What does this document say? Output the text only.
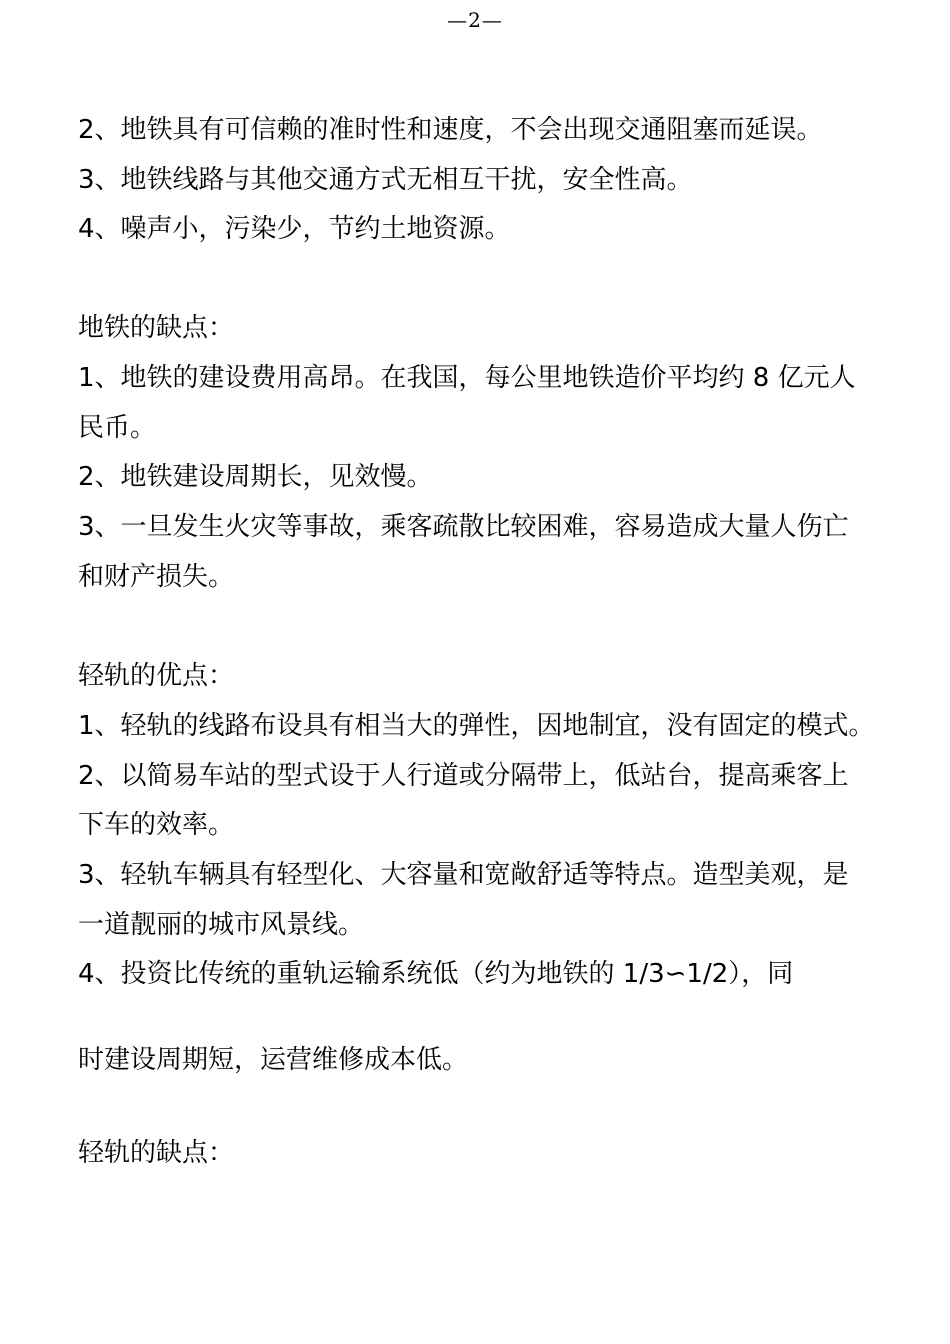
—2—
2、地铁具有可信赖的准时性和速度，不会出现交通阻塞而延误。
3、地铁线路与其他交通方式无相互干扰，安全性高。
4、噪声小，污染少，节约土地资源。
地铁的缺点：
1、地铁的建设费用高昂。在我国，每公里地铁造价平均约 8 亿元人
民币。
2、地铁建设周期长，见效慢。
3、一旦发生火灾等事故，乘客疏散比较困难，容易造成大量人伤亡
和财产损失。
轻轨的优点：
1、轻轨的线路布设具有相当大的弹性，因地制宜，没有固定的模式。
2、以简易车站的型式设于人行道或分隔带上，低站台，提高乘客上
下车的效率。
3、轻轨车辆具有轻型化、大容量和宽敞舒适等特点。造型美观，是
一道靓丽的城市风景线。
4、投资比传统的重轨运输系统低（约为地铁的 1/3∽1/2），同
时建设周期短，运营维修成本低。
轻轨的缺点：
